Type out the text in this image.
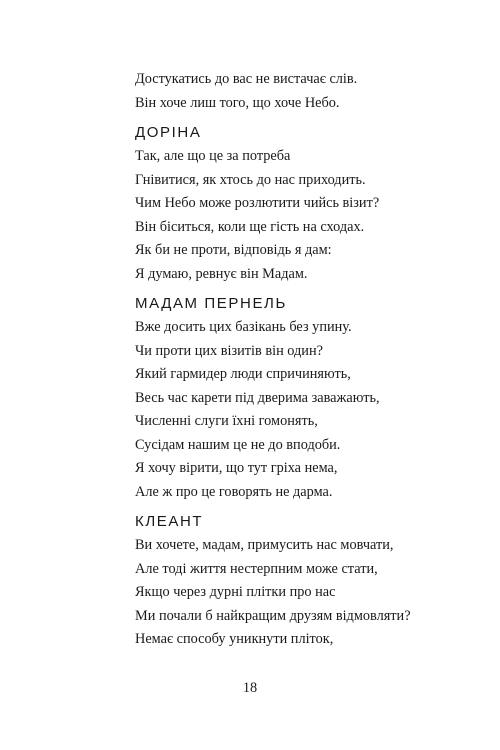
Достукатись до вас не вистачає слів.

Він хоче лиш того, що хоче Небо.

ДОРІНА

Так, але що це за потреба

Гнівитися, як хтось до нас приходить.

Чим Небо може розлютити чийсь візит?

Він біситься, коли ще гість на сходах.

Як би не проти, відповідь я дам:

Я думаю, ревнує він Мадам.

МАДАМ ПЕРНЕЛЬ

Вже досить цих базікань без упину.

Чи проти цих візитів він один?

Який гармидер люди спричиняють,

Весь час карети під дверима заважають,

Численні слуги їхні гомонять,

Сусідам нашим це не до вподоби.

Я хочу вірити, що тут гріха нема,

Але ж про це говорять не дарма.

КЛЕАНТ

Ви хочете, мадам, примусить нас мовчати,

Але тоді життя нестерпним може стати,

Якщо через дурні плітки про нас

Ми почали б найкращим друзям відмовляти?

Немає способу уникнути пліток,

18
